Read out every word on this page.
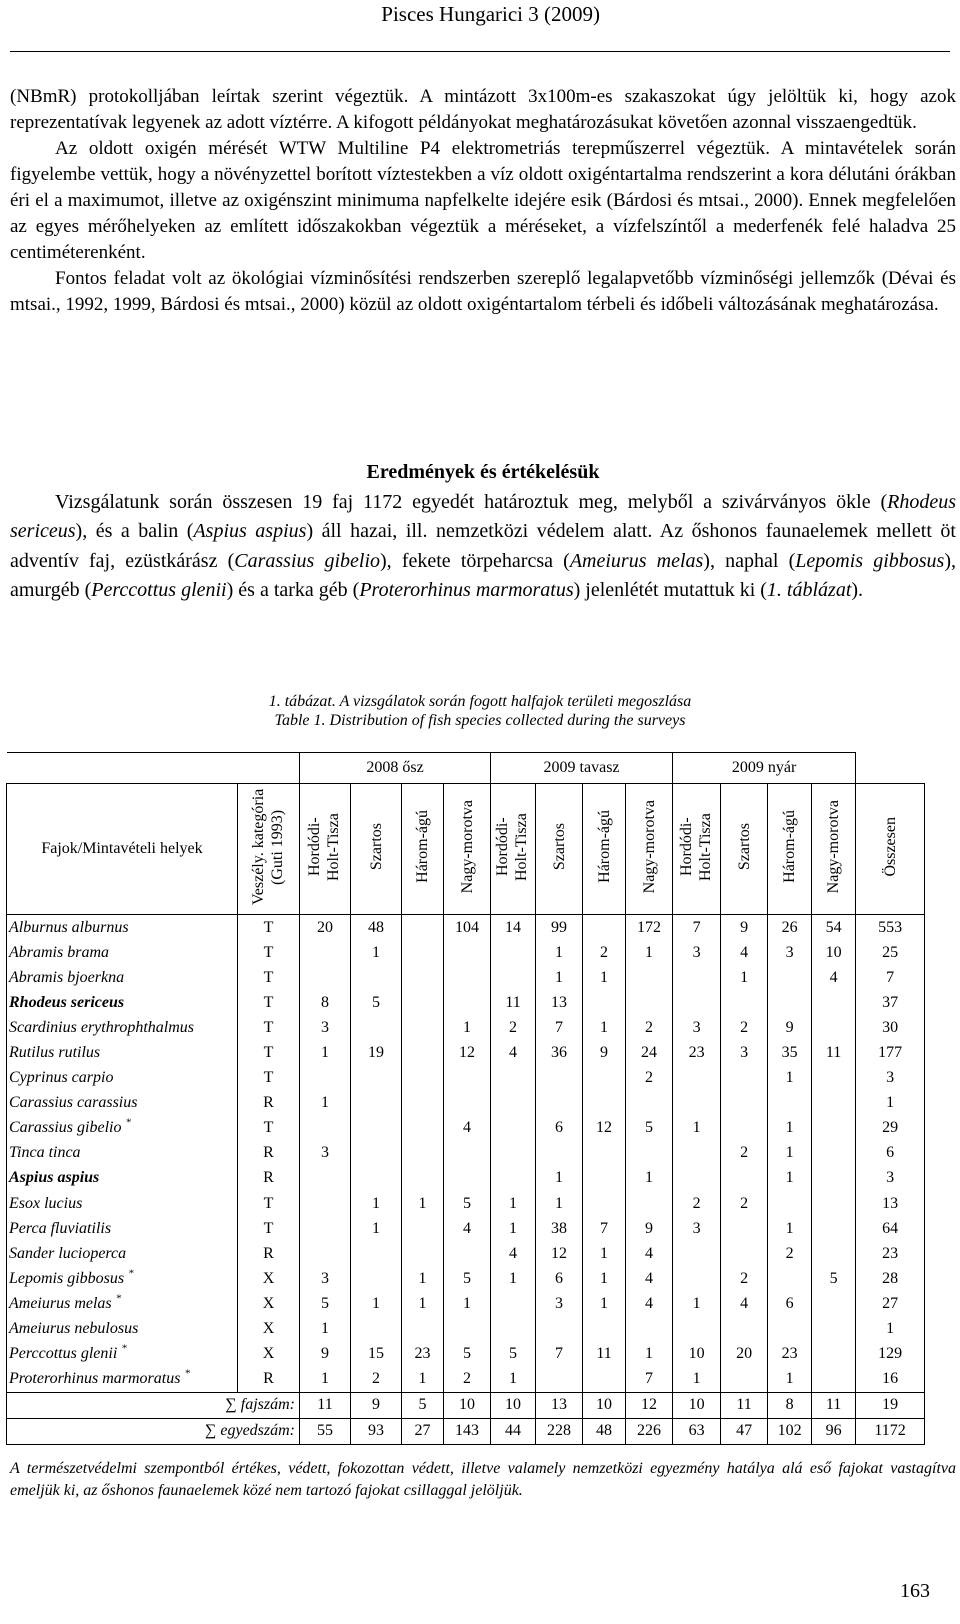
Pisces Hungarici 3 (2009)

(NBmR) protokolljában leírtak szerint végeztük. A mintázott 3x100m-es szakaszokat úgy jelöltük ki, hogy azok reprezentatívak legyenek az adott víztérre. A kifogott példányokat meghatározásukat követően azonnal visszaengedtük.

Az oldott oxigén mérését WTW Multiline P4 elektrometriás terepműszerrel végeztük. A mintavételek során figyelembe vettük, hogy a növényzettel borított víztestekben a víz oldott oxigéntartalma rendszerint a kora délutáni órákban éri el a maximumot, illetve az oxigénszint minimuma napfelkelte idejére esik (Bárdosi és mtsai., 2000). Ennek megfelelően az egyes mérőhelyeken az említett időszakokban végeztük a méréseket, a vízfelszíntől a mederfenék felé haladva 25 centiméterenként.

Fontos feladat volt az ökológiai vízminősítési rendszerben szereplő legalapvetőbb vízminőségi jellemzők (Dévai és mtsai., 1992, 1999, Bárdosi és mtsai., 2000) közül az oldott oxigéntartalom térbeli és időbeli változásának meghatározása.

Eredmények és értékelésük

Vizsgálatunk során összesen 19 faj 1172 egyedét határoztuk meg, melyből a szivárványos ökle (Rhodeus sericeus), és a balin (Aspius aspius) áll hazai, ill. nemzetközi védelem alatt. Az őshonos faunaelemek mellett öt adventív faj, ezüstkárász (Carassius gibelio), fekete törpeharcsa (Ameiurus melas), naphal (Lepomis gibbosus), amurgéb (Perccottus glenii) és a tarka géb (Proterorhinus marmoratus) jelenlétét mutattuk ki (1. táblázat).

1. tábázat. A vizsgálatok során fogott halfajok területi megoszlása
Table 1. Distribution of fish species collected during the surveys
		2008 ősz				2009 tavasz				2009 nyár				
Fajok/Mintavételi helyek	Veszély. kategória (Guti 1993)	Hordódi-Holt-Tisza	Szartos	Három-ágú	Nagy-morotva	Hordódi-Holt-Tisza	Szartos	Három-ágú	Nagy-morotva	Hordódi-Holt-Tisza	Szartos	Három-ágú	Nagy-morotva	Összesen
Alburnus alburnus	T	20	48		104	14	99		172	7	9	26	54	553
Abramis brama	T		1				1	2	1	3	4	3	10	25
Abramis bjoerkna	T						1	1			1		4	7
Rhodeus sericeus	T	8	5			11	13							37
Scardinius erythrophthalmus	T	3			1	2	7	1	2	3	2	9		30
Rutilus rutilus	T	1	19		12	4	36	9	24	23	3	35	11	177
Cyprinus carpio	T								2			1		3
Carassius carassius	R	1												1
Carassius gibelio *	T				4		6	12	5	1		1		29
Tinca tinca	R	3									2	1		6
Aspius aspius	R						1		1			1		3
Esox lucius	T		1	1	5	1	1			2	2			13
Perca fluviatilis	T		1		4	1	38	7	9	3		1		64
Sander lucioperca	R					4	12	1	4			2		23
Lepomis gibbosus *	X	3		1	5	1	6	1	4		2		5	28
Ameiurus melas *	X	5	1	1	1		3	1	4	1	4	6		27
Ameiurus nebulosus	X	1												1
Perccottus glenii *	X	9	15	23	5	5	7	11	1	10	20	23		129
Proterorhinus marmoratus *	R	1	2	1	2	1			7	1		1		16
∑ fajszám:		11	9	5	10	10	13	10	12	10	11	8	11	19
∑ egyedszám:		55	93	27	143	44	228	48	226	63	47	102	96	1172
A természetvédelmi szempontból értékes, védett, fokozottan védett, illetve valamely nemzetközi egyezmény hatálya alá eső fajokat vastagítva emeljük ki, az őshonos faunaelemek közé nem tartozó fajokat csillaggal jelöljük.
163
